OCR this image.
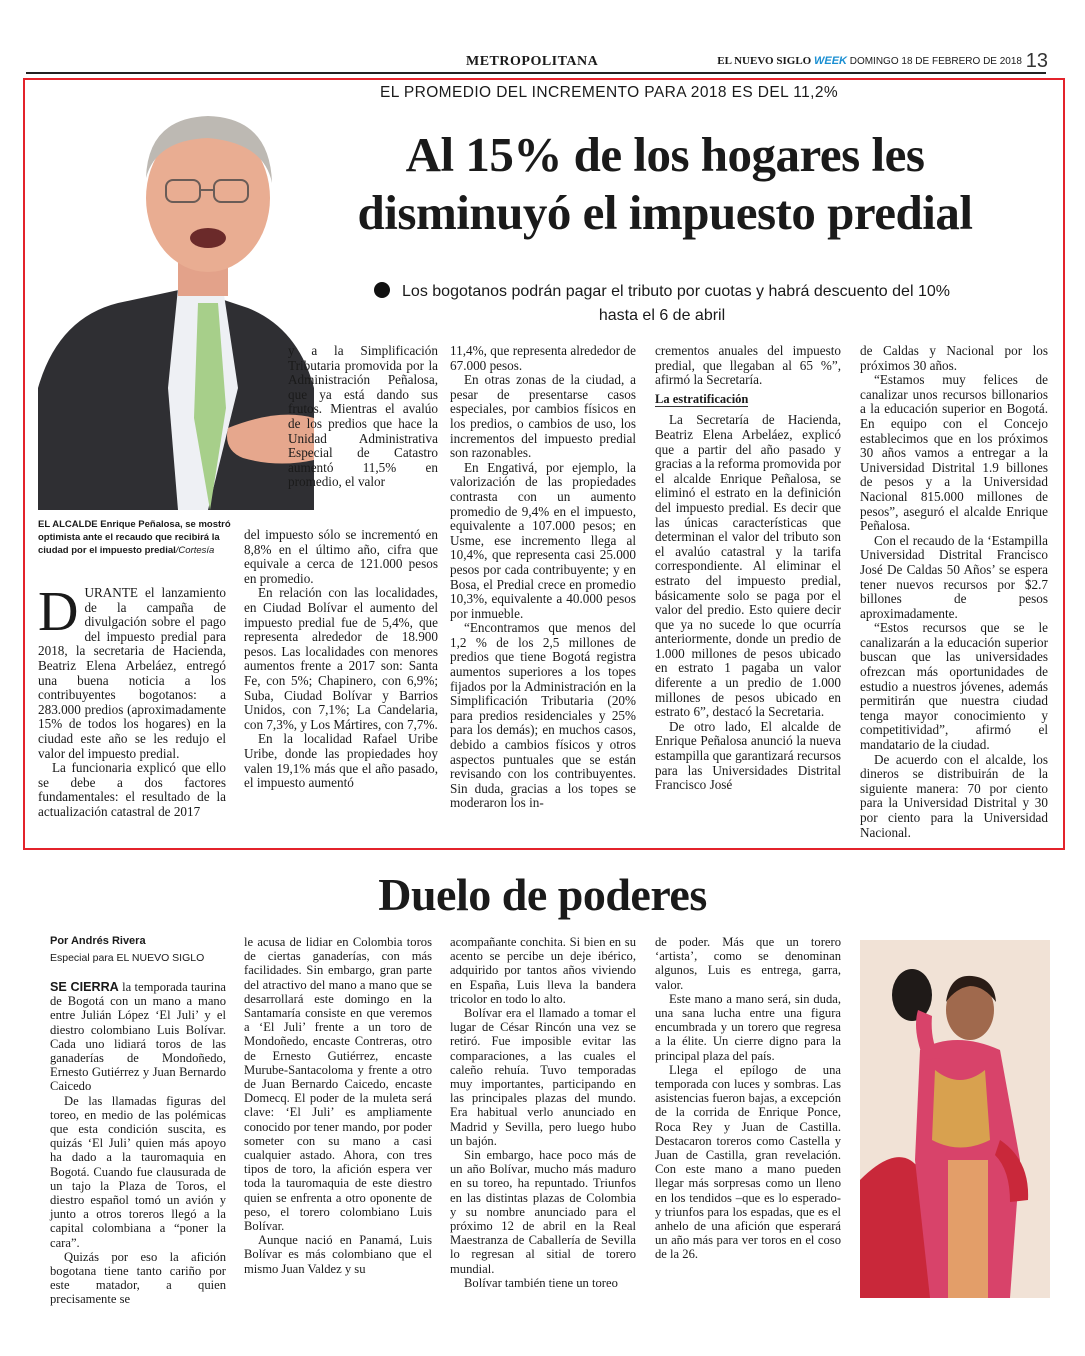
METROPOLITANA	EL NUEVO SIGLO WEEK DOMINGO 18 DE FEBRERO DE 2018 13
EL PROMEDIO DEL INCREMENTO PARA 2018 ES DEL 11,2%
Al 15% de los hogares les
disminuyó el impuesto predial
Los bogotanos podrán pagar el tributo por cuotas y habrá descuento del 10%
hasta el 6 de abril
EL ALCALDE Enrique Peñalosa, se mostró optimista ante el recaudo que recibirá la ciudad por el impuesto predial/Cortesía

DURANTE el lanzamiento de la campaña de divulgación sobre el pago del impuesto predial para 2018, la secretaria de Hacienda, Beatriz Elena Arbeláez, entregó una buena noticia a los contribuyentes bogotanos: a 283.000 predios (aproximadamente 15% de todos los hogares) en la ciudad este año se les redujo el valor del impuesto predial.

La funcionaria explicó que ello se debe a dos factores fundamentales: el resultado de la actualización catastral de 2017

y a la Simplificación Tributaria promovida por la Administración Peñalosa, que ya está dando sus frutos. Mientras el avalúo de los predios que hace la Unidad Administrativa Especial de Catastro aumentó 11,5% en promedio, el valor

del impuesto sólo se incrementó en 8,8% en el último año, cifra que equivale a cerca de 121.000 pesos en promedio.

En relación con las localidades, en Ciudad Bolívar el aumento del impuesto predial fue de 5,4%, que representa alrededor de 18.900 pesos. Las localidades con menores aumentos frente a 2017 son: Santa Fe, con 5%; Chapinero, con 6,9%; Suba, Ciudad Bolívar y Barrios Unidos, con 7,1%; La Candelaria, con 7,3%, y Los Mártires, con 7,7%.

En la localidad Rafael Uribe Uribe, donde las propiedades hoy valen 19,1% más que el año pasado, el impuesto aumentó

11,4%, que representa alrededor de 67.000 pesos.

En otras zonas de la ciudad, a pesar de presentarse casos especiales, por cambios físicos en los predios, o cambios de uso, los incrementos del impuesto predial son razonables.

En Engativá, por ejemplo, la valorización de las propiedades contrasta con un aumento promedio de 9,4% en el impuesto, equivalente a 107.000 pesos; en Usme, ese incremento llega al 10,4%, que representa casi 25.000 pesos por cada contribuyente; y en Bosa, el Predial crece en promedio 10,3%, equivalente a 40.000 pesos por inmueble.

“Encontramos que menos del 1,2 % de los 2,5 millones de predios que tiene Bogotá registra aumentos superiores a los topes fijados por la Administración en la Simplificación Tributaria (20% para predios residenciales y 25% para los demás); en muchos casos, debido a cambios físicos y otros aspectos puntuales que se están revisando con los contribuyentes. Sin duda, gracias a los topes se moderaron los in-

crementos anuales del impuesto predial, que llegaban al 65 %”, afirmó la Secretaría.

La estratificación

La Secretaría de Hacienda, Beatriz Elena Arbeláez, explicó que a partir del año pasado y gracias a la reforma promovida por el alcalde Enrique Peñalosa, se eliminó el estrato en la definición del impuesto predial. Es decir que las únicas características que determinan el valor del tributo son el avalúo catastral y la tarifa correspondiente. Al eliminar el estrato del impuesto predial, básicamente solo se paga por el valor del predio. Esto quiere decir que ya no sucede lo que ocurría anteriormente, donde un predio de 1.000 millones de pesos ubicado en estrato 1 pagaba un valor diferente a un predio de 1.000 millones de pesos ubicado en estrato 6”, destacó la Secretaria.

De otro lado, El alcalde de Enrique Peñalosa anunció la nueva estampilla que garantizará recursos para las Universidades Distrital Francisco José

de Caldas y Nacional por los próximos 30 años.

“Estamos muy felices de canalizar unos recursos billonarios a la educación superior en Bogotá. En equipo con el Concejo establecimos que en los próximos 30 años vamos a entregar a la Universidad Distrital 1.9 billones de pesos y a la Universidad Nacional 815.000 millones de pesos”, aseguró el alcalde Enrique Peñalosa.

Con el recaudo de la ‘Estampilla Universidad Distrital Francisco José De Caldas 50 Años’ se espera tener nuevos recursos por $2.7 billones de pesos aproximadamente.

“Estos recursos que se le canalizarán a la educación superior buscan que las universidades ofrezcan más oportunidades de estudio a nuestros jóvenes, además permitirán que nuestra ciudad tenga mayor conocimiento y competitividad”, afirmó el mandatario de la ciudad.

De acuerdo con el alcalde, los dineros se distribuirán de la siguiente manera: 70 por ciento para la Universidad Distrital y 30 por ciento para la Universidad Nacional.

Duelo de poderes
Por Andrés Rivera
Especial para EL NUEVO SIGLO

SE CIERRA la temporada taurina de Bogotá con un mano a mano entre Julián López ‘El Juli’ y el diestro colombiano Luis Bolívar. Cada uno lidiará toros de las ganaderías de Mondoñedo, Ernesto Gutiérrez y Juan Bernardo Caicedo

De las llamadas figuras del toreo, en medio de las polémicas que esta condición suscita, es quizás ‘El Juli’ quien más apoyo ha dado a la tauromaquia en Bogotá. Cuando fue clausurada de un tajo la Plaza de Toros, el diestro español tomó un avión y junto a otros toreros llegó a la capital colombiana a “poner la cara”.

Quizás por eso la afición bogotana tiene tanto cariño por este matador, a quien precisamente se

le acusa de lidiar en Colombia toros de ciertas ganaderías, con más facilidades. Sin embargo, gran parte del atractivo del mano a mano que se desarrollará este domingo en la Santamaría consiste en que veremos a ‘El Juli’ frente a un toro de Mondoñedo, encaste Contreras, otro de Ernesto Gutiérrez, encaste Murube-Santacoloma y frente a otro de Juan Bernardo Caicedo, encaste Domecq. El poder de la muleta será clave: ‘El Juli’ es ampliamente conocido por tener mando, por poder someter con su mano a casi cualquier astado. Ahora, con tres tipos de toro, la afición espera ver toda la tauromaquia de este diestro quien se enfrenta a otro oponente de peso, el torero colombiano Luis Bolívar.

Aunque nació en Panamá, Luis Bolívar es más colombiano que el mismo Juan Valdez y su

acompañante conchita. Si bien en su acento se percibe un deje ibérico, adquirido por tantos años viviendo en España, Luis lleva la bandera tricolor en todo lo alto.

Bolívar era el llamado a tomar el lugar de César Rincón una vez se retiró. Fue imposible evitar las comparaciones, a las cuales el caleño rehuía. Tuvo temporadas muy importantes, participando en las principales plazas del mundo. Era habitual verlo anunciado en Madrid y Sevilla, pero luego hubo un bajón.

Sin embargo, hace poco más de un año Bolívar, mucho más maduro en su toreo, ha repuntado. Triunfos en las distintas plazas de Colombia y su nombre anunciado para el próximo 12 de abril en la Real Maestranza de Caballería de Sevilla lo regresan al sitial de torero mundial.

Bolívar también tiene un toreo

de poder. Más que un torero ‘artista’, como se denominan algunos, Luis es entrega, garra, valor.

Este mano a mano será, sin duda, una sana lucha entre una figura encumbrada y un torero que regresa a la élite. Un cierre digno para la principal plaza del país.

Llega el epílogo de una temporada con luces y sombras. Las asistencias fueron bajas, a excepción de la corrida de Enrique Ponce, Roca Rey y Juan de Castilla. Destacaron toreros como Castella y Juan de Castilla, gran revelación. Con este mano a mano pueden llegar más sorpresas como un lleno en los tendidos –que es lo esperado- y triunfos para los espadas, que es el anhelo de una afición que esperará un año más para ver toros en el coso de la 26.
